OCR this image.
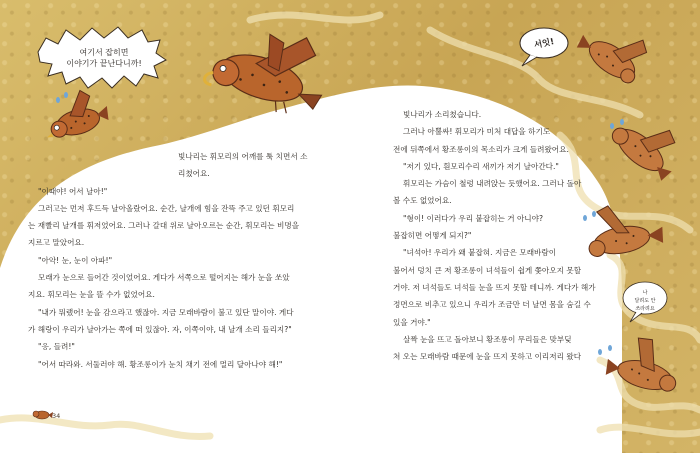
여기서 잡히면
이야기가 끝난다니까!
서잇!
나
달려도 안
쓰라려요
빛나리는 휘모리의 어깨를 툭 치면서 소
리쳤어요.
"이때야! 어서 날아!"
그러고는 먼저 후드득 날아올랐어요. 순간, 날개에 힘을 잔뜩 주고 있던 휘모리
는 재빨리 날개를 휘저었어요. 그러나 갈대 위로 날아오르는 순간, 휘모리는 비명을
지르고 말았어요.
"아악! 눈, 눈이 아파!"
모래가 눈으로 들어간 것이었어요. 게다가 서쪽으로 떨어지는 해가 눈을 쏘았
지요. 휘모리는 눈을 뜰 수가 없었어요.
"내가 뭐랬어! 눈을 감으라고 했잖아. 지금 모래바람이 불고 있단 말이야. 게다
가 해랑이 우리가 날아가는 쪽에 떠 있잖아. 자, 이쪽이야, 내 날개 소리 들리지?"
"응, 들려!"
"어서 따라와. 서둘러야 해. 황조롱이가 눈치 채기 전에 멀리 달아나야 해!"
빛나리가 소리쳤습니다.
그러나 아뿔싸! 휘모리가 미처 대답을 하기도
전에 뒤쪽에서 황조롱이의 목소리가 크게 들려왔어요.
"저기 있다, 흰모리수리 새끼가 저기 날아간다."
휘모리는 가슴이 철렁 내려앉는 듯했어요. 그러나 돌아
볼 수도 없었어요.
"형이! 이러다가 우리 붙잡히는 거 아니야?
불잡히면 어떻게 되지?"
"녀석아! 우리가 왜 붙잡혀. 지금은 모래바람이
불어서 덩치 큰 저 황조롱이 녀석들이 쉽게 쫓아오지 못할
거야. 저 녀석들도 녀석들 눈을 뜨지 못할 테니까. 게다가 해가
정면으로 비추고 있으니 우리가 조금만 더 날면 몸을 숨길 수
있을 거야."
살짝 눈을 뜨고 돌아보니 황조롱이 무리들은 맞부딪
쳐 오는 모래바람 때문에 눈을 뜨지 못하고 이리저리 왔다
34
